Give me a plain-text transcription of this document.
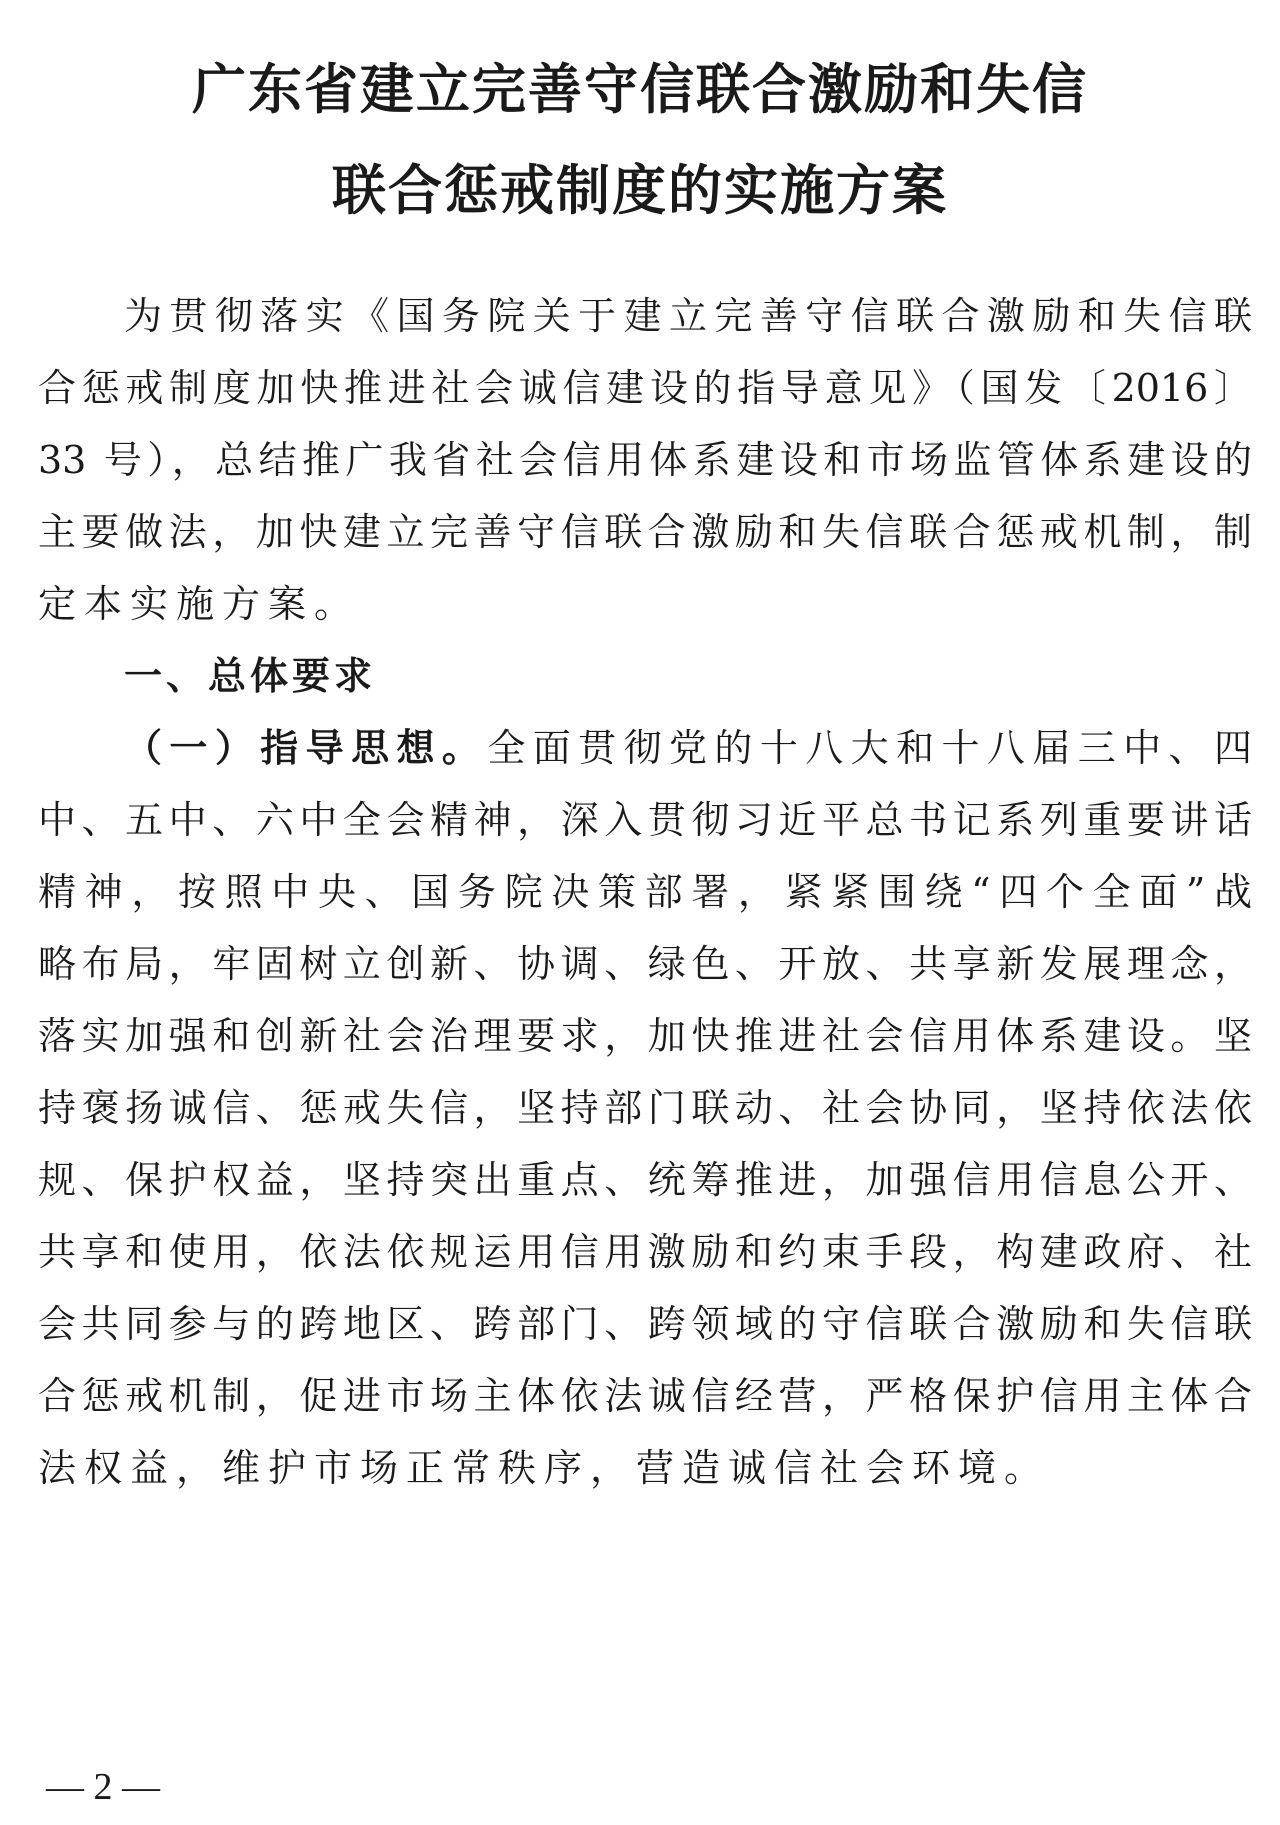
广东省建立完善守信联合激励和失信
联合惩戒制度的实施方案
为贯彻落实《国务院关于建立完善守信联合激励和失信联
合惩戒制度加快推进社会诚信建设的指导意见》（国发〔2016〕
33 号），总结推广我省社会信用体系建设和市场监管体系建设的
主要做法，加快建立完善守信联合激励和失信联合惩戒机制，制
定本实施方案。
一、总体要求
（一）指导思想。全面贯彻党的十八大和十八届三中、四
中、五中、六中全会精神，深入贯彻习近平总书记系列重要讲话
精神，按照中央、国务院决策部署，紧紧围绕“四个全面”战
略布局，牢固树立创新、协调、绿色、开放、共享新发展理念，
落实加强和创新社会治理要求，加快推进社会信用体系建设。坚
持褒扬诚信、惩戒失信，坚持部门联动、社会协同，坚持依法依
规、保护权益，坚持突出重点、统筹推进，加强信用信息公开、
共享和使用，依法依规运用信用激励和约束手段，构建政府、社
会共同参与的跨地区、跨部门、跨领域的守信联合激励和失信联
合惩戒机制，促进市场主体依法诚信经营，严格保护信用主体合
法权益，维护市场正常秩序，营造诚信社会环境。
— 2 —
